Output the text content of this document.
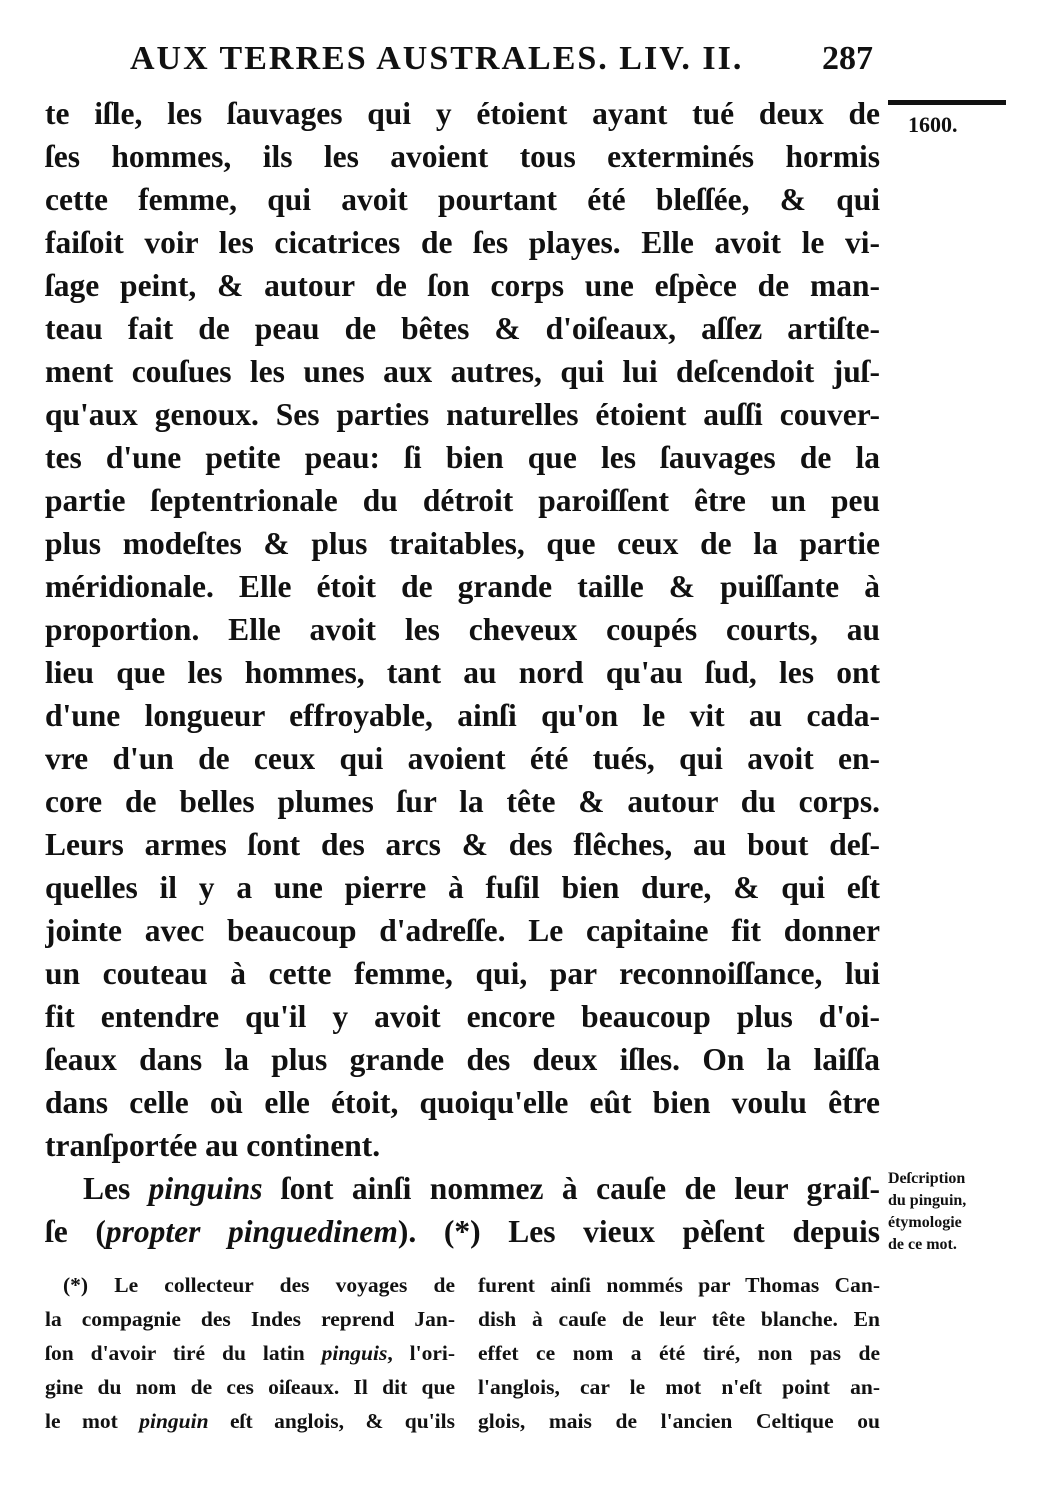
AUX TERRES AUSTRALES. LIV. II.	287
1600.
te iſle, les ſauvages qui y étoient ayant tué deux de
ſes hommes, ils les avoient tous exterminés hormis
cette femme, qui avoit pourtant été bleſſée, & qui
faiſoit voir les cicatrices de ſes playes. Elle avoit le vi-
ſage peint, & autour de ſon corps une eſpèce de man-
teau fait de peau de bêtes & d'oiſeaux, aſſez artiſte-
ment couſues les unes aux autres, qui lui deſcendoit juſ-
qu'aux genoux. Ses parties naturelles étoient auſſi couver-
tes d'une petite peau: ſi bien que les ſauvages de la
partie ſeptentrionale du détroit paroiſſent être un peu
plus modeſtes & plus traitables, que ceux de la partie
méridionale. Elle étoit de grande taille & puiſſante à
proportion. Elle avoit les cheveux coupés courts, au
lieu que les hommes, tant au nord qu'au ſud, les ont
d'une longueur effroyable, ainſi qu'on le vit au cada-
vre d'un de ceux qui avoient été tués, qui avoit en-
core de belles plumes ſur la tête & autour du corps.
Leurs armes ſont des arcs & des flêches, au bout deſ-
quelles il y a une pierre à fuſil bien dure, & qui eſt
jointe avec beaucoup d'adreſſe. Le capitaine fit donner
un couteau à cette femme, qui, par reconnoiſſance, lui
fit entendre qu'il y avoit encore beaucoup plus d'oi-
ſeaux dans la plus grande des deux iſles. On la laiſſa
dans celle où elle étoit, quoiqu'elle eût bien voulu être
tranſportée au continent.
Les pinguins ſont ainſi nommez à cauſe de leur graiſ-
ſe (propter pinguedinem). (*) Les vieux pèſent depuis
Deſcription
du pinguin,
étymologie
de ce mot.
(*) Le collecteur des voyages de
la compagnie des Indes reprend Jan-
ſon d'avoir tiré du latin pinguis, l'ori-
gine du nom de ces oiſeaux. Il dit que
le mot pinguin eſt anglois, & qu'ils
furent ainſi nommés par Thomas Can-
dish à cauſe de leur tête blanche. En
effet ce nom a été tiré, non pas de
l'anglois, car le mot n'eſt point an-
glois, mais de l'ancien Celtique ou
